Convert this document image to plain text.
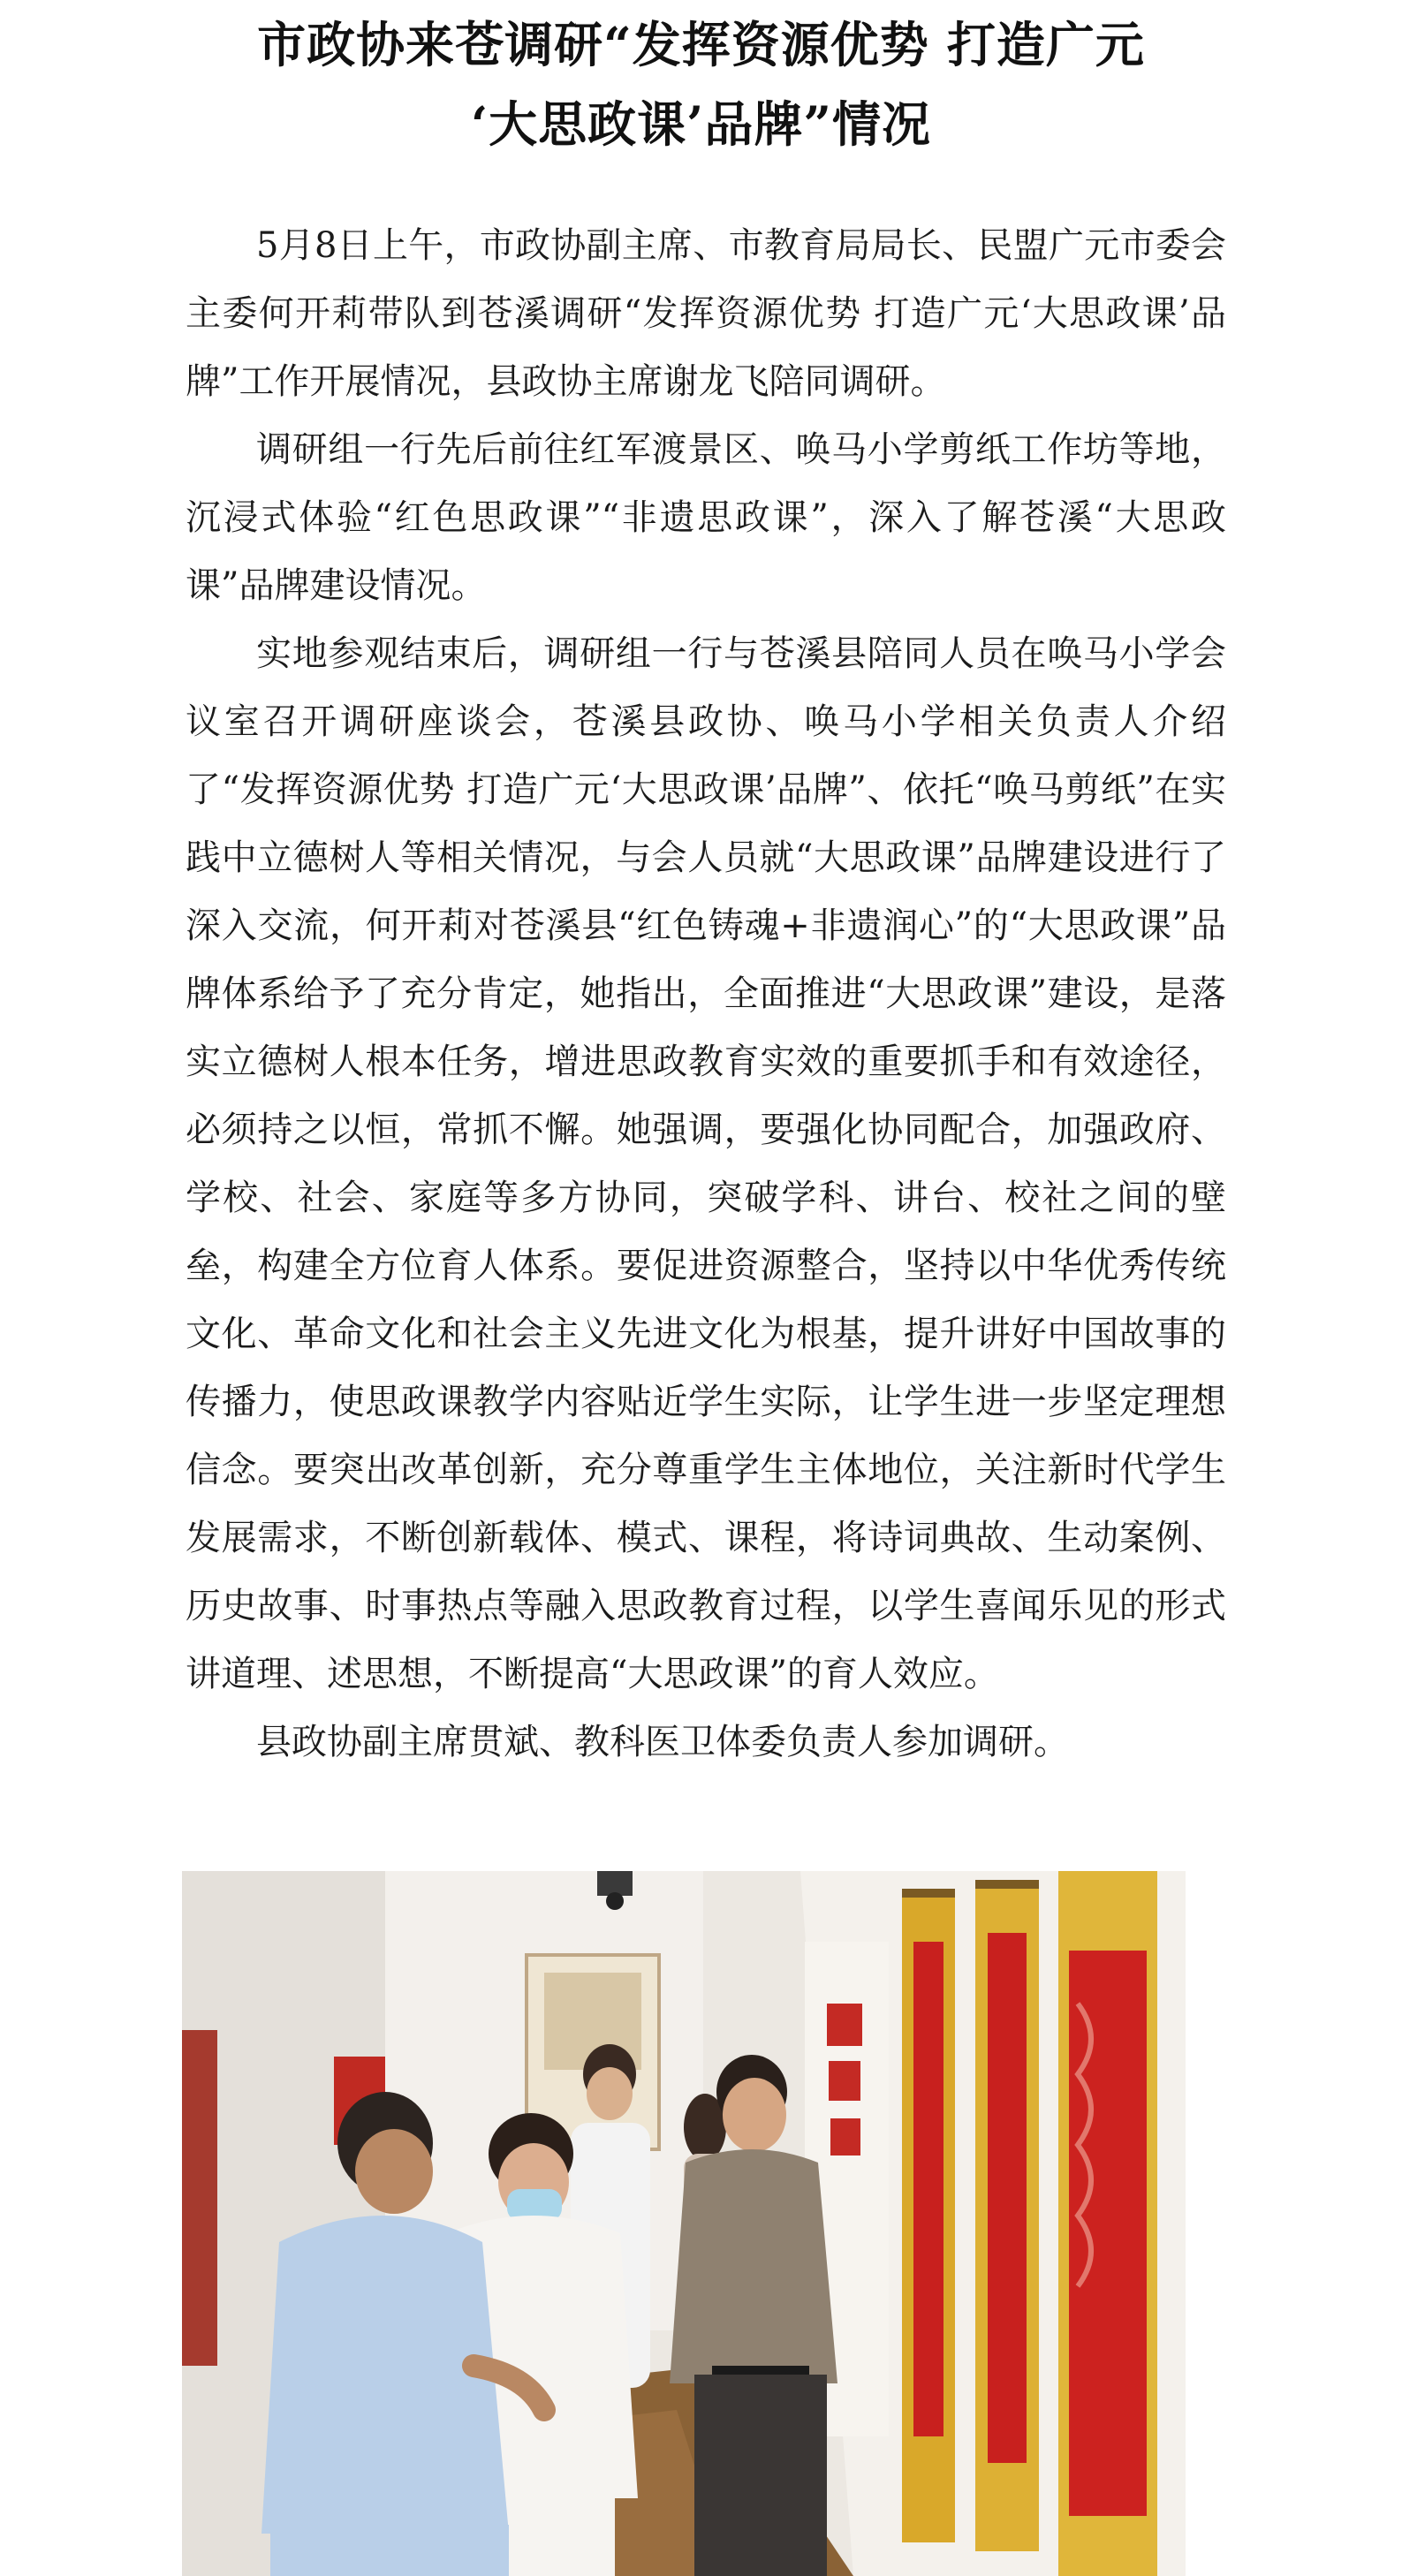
市政协来苍调研“发挥资源优势 打造广元
‘大思政课’品牌”情况

5月8日上午，市政协副主席、市教育局局长、民盟广元市委会主委何开莉带队到苍溪调研“发挥资源优势 打造广元‘大思政课’品牌”工作开展情况，县政协主席谢龙飞陪同调研。

调研组一行先后前往红军渡景区、唤马小学剪纸工作坊等地，沉浸式体验“红色思政课”“非遗思政课”，深入了解苍溪“大思政课”品牌建设情况。

实地参观结束后，调研组一行与苍溪县陪同人员在唤马小学会议室召开调研座谈会，苍溪县政协、唤马小学相关负责人介绍了“发挥资源优势 打造广元‘大思政课’品牌”、依托“唤马剪纸”在实践中立德树人等相关情况，与会人员就“大思政课”品牌建设进行了深入交流，何开莉对苍溪县“红色铸魂+非遗润心”的“大思政课”品牌体系给予了充分肯定，她指出，全面推进“大思政课”建设，是落实立德树人根本任务，增进思政教育实效的重要抓手和有效途径，必须持之以恒，常抓不懈。她强调，要强化协同配合，加强政府、学校、社会、家庭等多方协同，突破学科、讲台、校社之间的壁垒，构建全方位育人体系。要促进资源整合，坚持以中华优秀传统文化、革命文化和社会主义先进文化为根基，提升讲好中国故事的传播力，使思政课教学内容贴近学生实际，让学生进一步坚定理想信念。要突出改革创新，充分尊重学生主体地位，关注新时代学生发展需求，不断创新载体、模式、课程，将诗词典故、生动案例、历史故事、时事热点等融入思政教育过程，以学生喜闻乐见的形式讲道理、述思想，不断提高“大思政课”的育人效应。

县政协副主席贯斌、教科医卫体委负责人参加调研。
